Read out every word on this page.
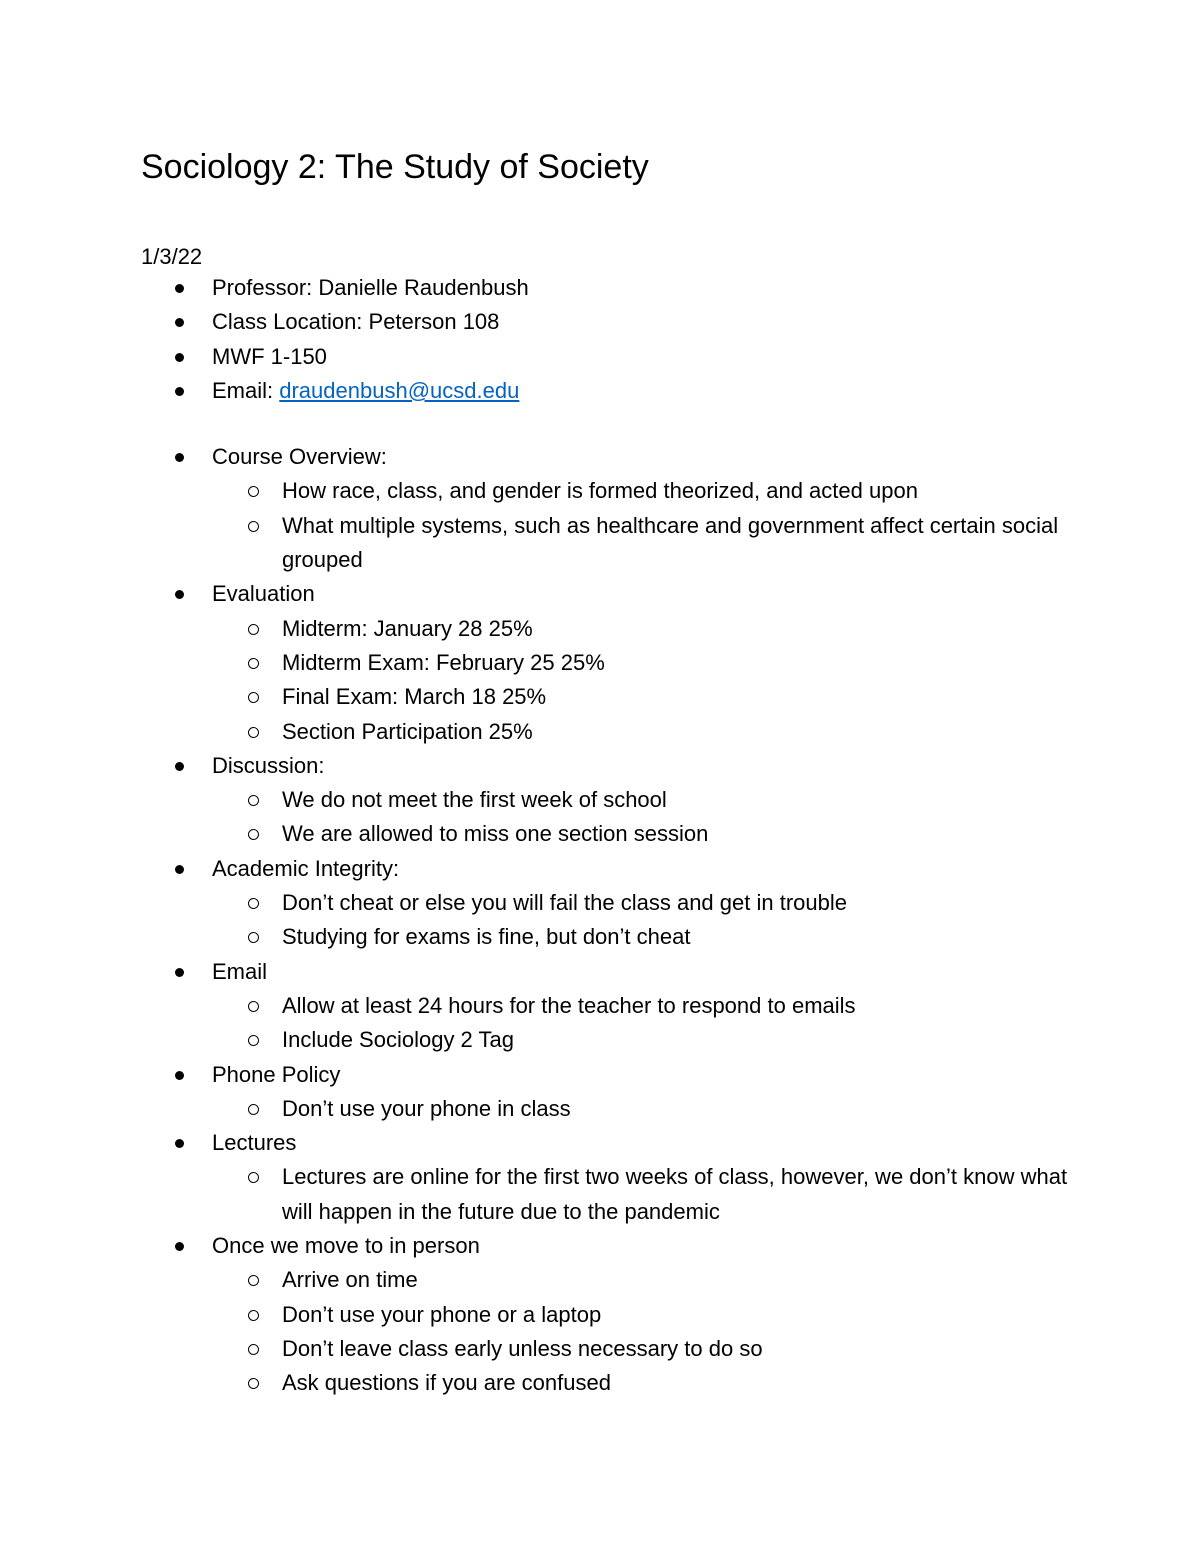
Sociology 2: The Study of Society
1/3/22
Professor: Danielle Raudenbush
Class Location: Peterson 108
MWF 1-150
Email: draudenbush@ucsd.edu
Course Overview:
How race, class, and gender is formed theorized, and acted upon
What multiple systems, such as healthcare and government affect certain social grouped
Evaluation
Midterm: January 28 25%
Midterm Exam: February 25 25%
Final Exam: March 18 25%
Section Participation 25%
Discussion:
We do not meet the first week of school
We are allowed to miss one section session
Academic Integrity:
Don’t cheat or else you will fail the class and get in trouble
Studying for exams is fine, but don’t cheat
Email
Allow at least 24 hours for the teacher to respond to emails
Include Sociology 2 Tag
Phone Policy
Don’t use your phone in class
Lectures
Lectures are online for the first two weeks of class, however, we don’t know what will happen in the future due to the pandemic
Once we move to in person
Arrive on time
Don’t use your phone or a laptop
Don’t leave class early unless necessary to do so
Ask questions if you are confused
